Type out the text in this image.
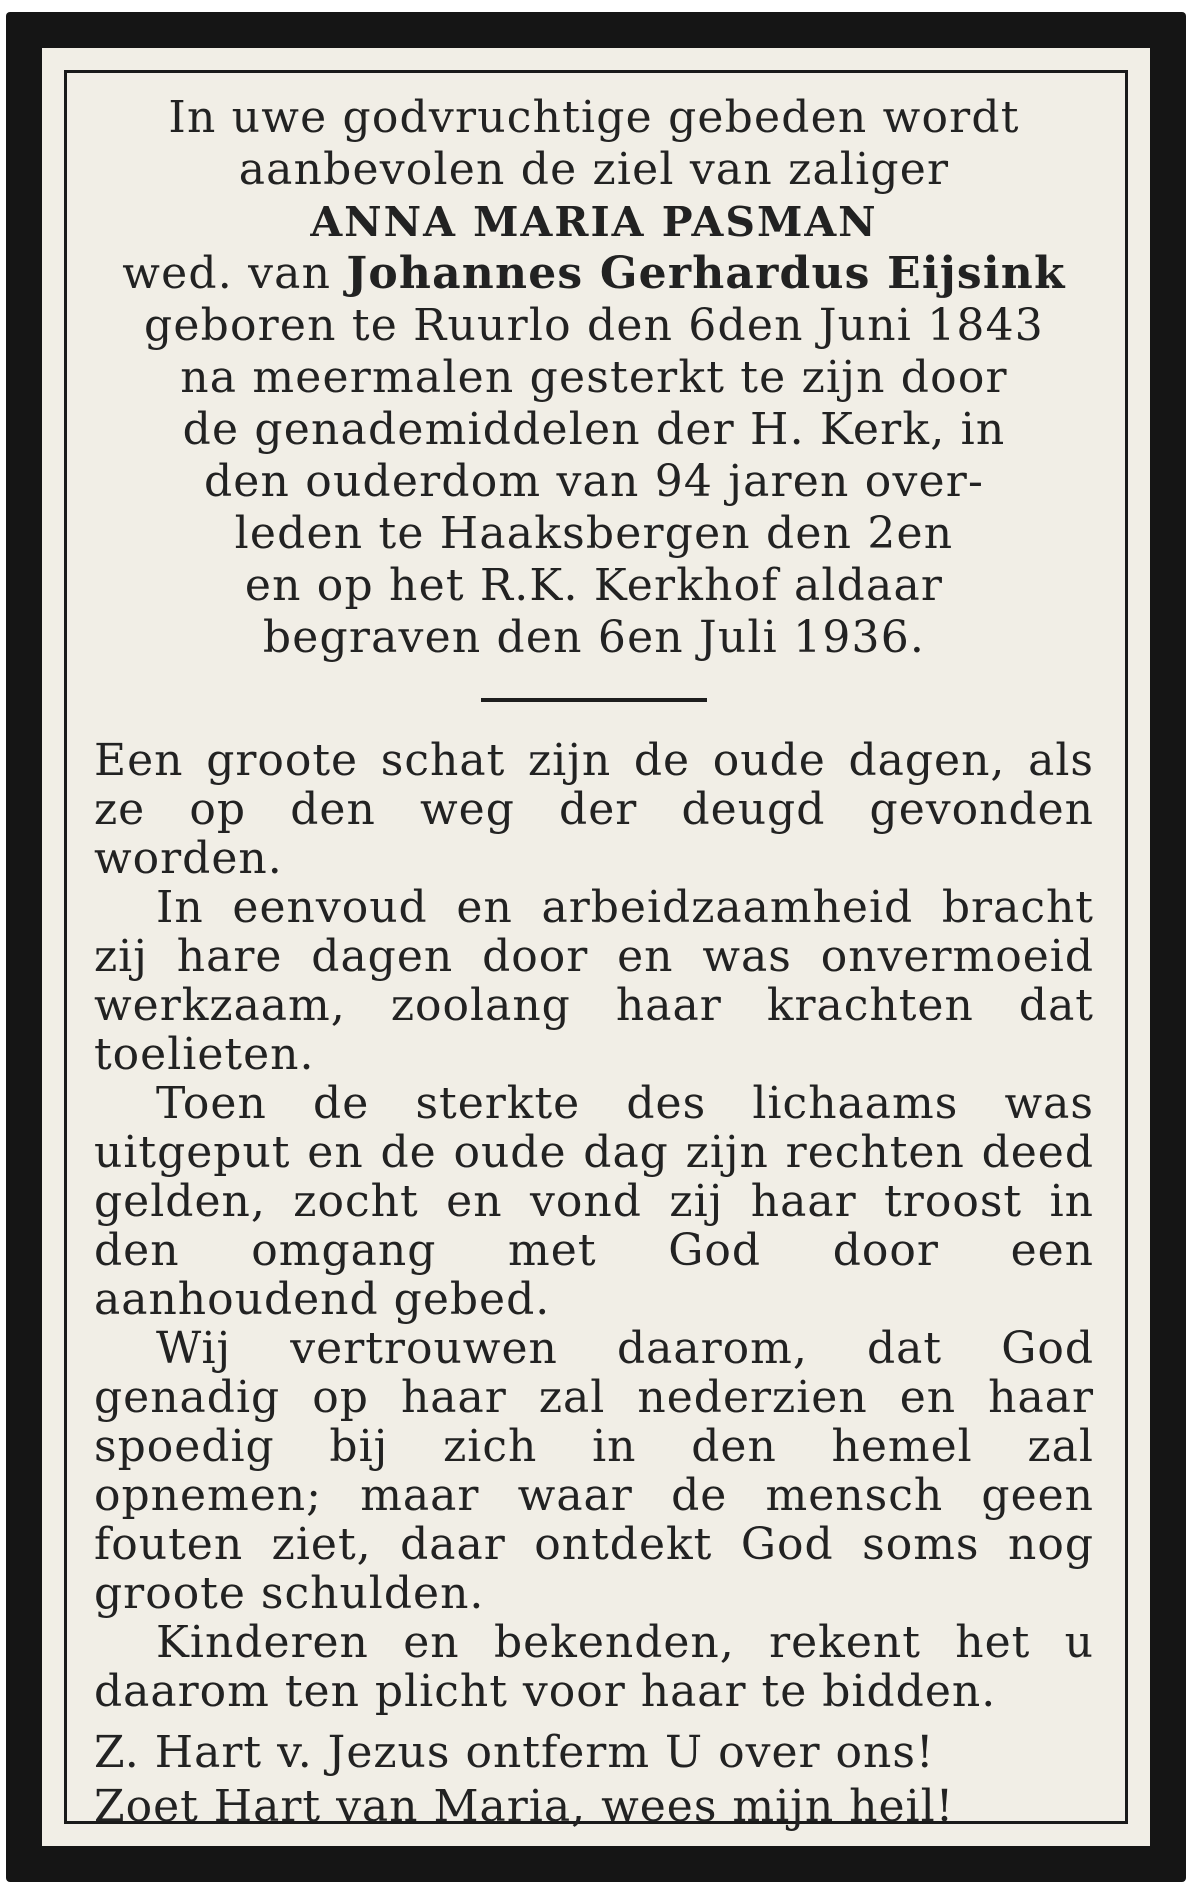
In uwe godvruchtige gebeden wordt
aanbevolen de ziel van zaliger
ANNA MARIA PASMAN
wed. van Johannes Gerhardus Eijsink
geboren te Ruurlo den 6den Juni 1843
na meermalen gesterkt te zijn door
de genademiddelen der H. Kerk, in
den ouderdom van 94 jaren over-
leden te Haaksbergen den 2en
en op het R.K. Kerkhof aldaar
begraven den 6en Juli 1936.

Een groote schat zijn de oude dagen, als ze op den weg der deugd gevonden worden.

In eenvoud en arbeidzaamheid bracht zij hare dagen door en was onvermoeid werkzaam, zoolang haar krachten dat toelieten.

Toen de sterkte des lichaams was uitgeput en de oude dag zijn rechten deed gelden, zocht en vond zij haar troost in den omgang met God door een aanhoudend gebed.

Wij vertrouwen daarom, dat God genadig op haar zal nederzien en haar spoedig bij zich in den hemel zal opnemen; maar waar de mensch geen fouten ziet, daar ontdekt God soms nog groote schulden.

Kinderen en bekenden, rekent het u daarom ten plicht voor haar te bidden.

Z. Hart v. Jezus ontferm U over ons!
Zoet Hart van Maria, wees mijn heil!
